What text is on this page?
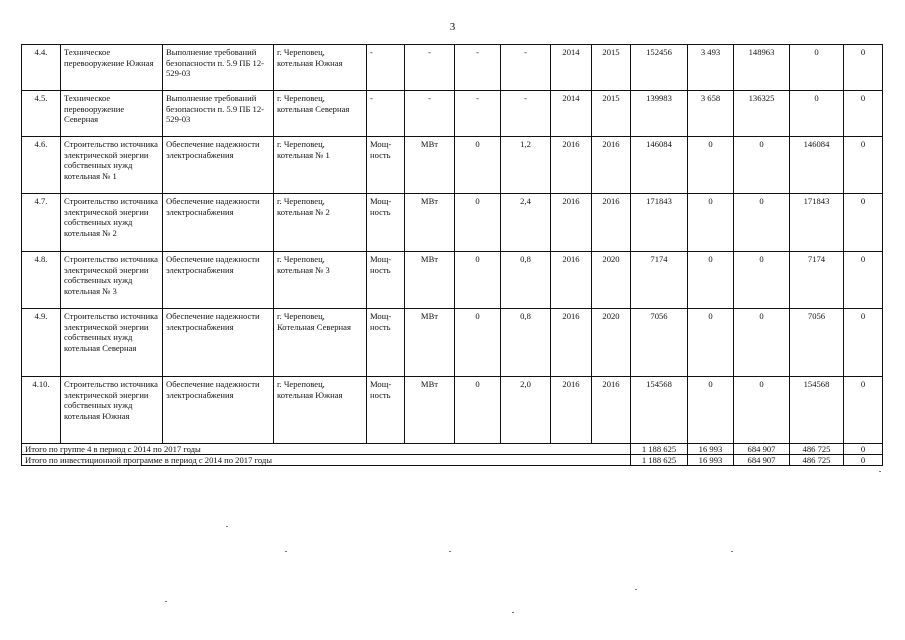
3
4.4.	Техническое перевооружение Южная	Выполнение требований безопасности п. 5.9 ПБ 12-529-03	г. Череповец, котельная Южная	-	-	-	-	2014	2015	152456	3 493	148963	0	0
4.5.	Техническое перевооружение Северная	Выполнение требований безопасности п. 5.9 ПБ 12-529-03	г. Череповец, котельная Северная	-	-	-	-	2014	2015	139983	3 658	136325	0	0
4.6.	Строительство источника электрической энергии собственных нужд котельная № 1	Обеспечение надежности электроснабжения	г. Череповец, котельная № 1	Мощ-ность	МВт	0	1,2	2016	2016	146084	0	0	146084	0
4.7.	Строительство источника электрической энергии собственных нужд котельная № 2	Обеспечение надежности электроснабжения	г. Череповец, котельная № 2	Мощ-ность	МВт	0	2,4	2016	2016	171843	0	0	171843	0
4.8.	Строительство источника электрической энергии собственных нужд котельная № 3	Обеспечение надежности электроснабжения	г. Череповец, котельная № 3	Мощ-ность	МВт	0	0,8	2016	2020	7174	0	0	7174	0
4.9.	Строительство источника электрической энергии собственных нужд котельная Северная	Обеспечение надежности электроснабжения	г. Череповец, Котельная Северная	Мощ-ность	МВт	0	0,8	2016	2020	7056	0	0	7056	0
4.10.	Строительство источника электрической энергии собственных нужд котельная Южная	Обеспечение надежности электроснабжения	г. Череповец, котельная Южная	Мощ-ность	МВт	0	2,0	2016	2016	154568	0	0	154568	0
Итого по группе 4 в период с 2014 по 2017 годы										1 188 625	16 993	684 907	486 725	0
Итого по инвестиционной программе в период с 2014 по 2017 годы										1 188 625	16 993	684 907	486 725	0
